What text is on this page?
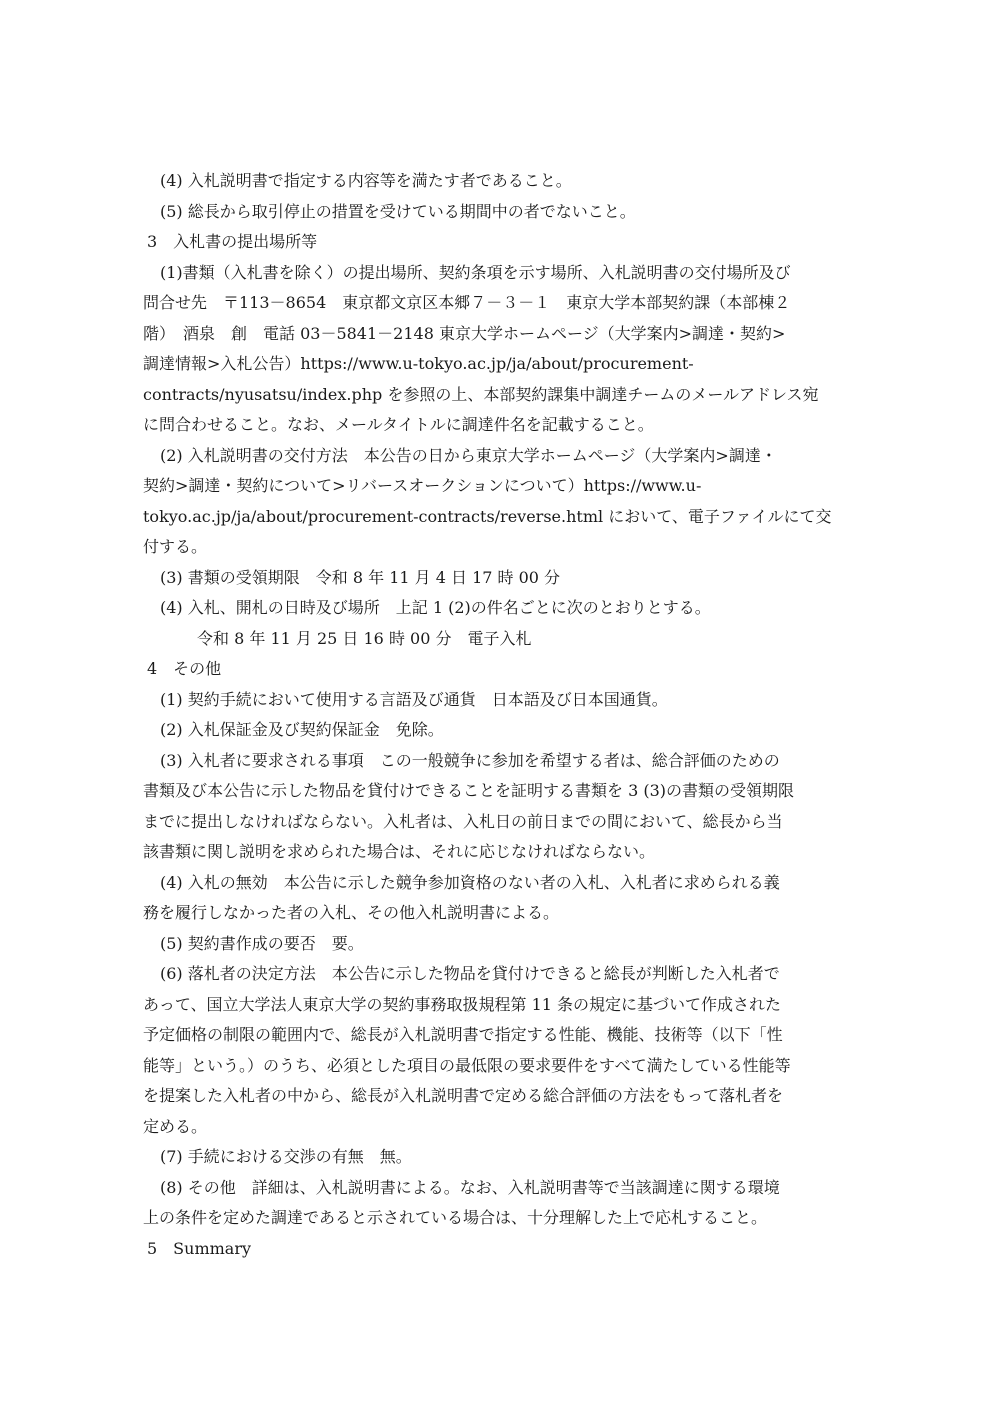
(4) 入札説明書で指定する内容等を満たす者であること。
(5) 総長から取引停止の措置を受けている期間中の者でないこと。
3　入札書の提出場所等
(1)書類（入札書を除く）の提出場所、契約条項を示す場所、入札説明書の交付場所及び
問合せ先　〒113－8654　東京都文京区本郷７－３－１　東京大学本部契約課（本部棟２
階）　酒泉　創　電話 03－5841－2148 東京大学ホームページ（大学案内>調達・契約>
調達情報>入札公告）https://www.u-tokyo.ac.jp/ja/about/procurement-
contracts/nyusatsu/index.php を参照の上、本部契約課集中調達チームのメールアドレス宛
に問合わせること。なお、メールタイトルに調達件名を記載すること。
(2) 入札説明書の交付方法　本公告の日から東京大学ホームページ（大学案内>調達・
契約>調達・契約について>リバースオークションについて）https://www.u-
tokyo.ac.jp/ja/about/procurement-contracts/reverse.html において、電子ファイルにて交
付する。
(3) 書類の受領期限　令和 8 年 11 月 4 日 17 時 00 分
(4) 入札、開札の日時及び場所　上記 1 (2)の件名ごとに次のとおりとする。
令和 8 年 11 月 25 日 16 時 00 分　電子入札
4　その他
(1) 契約手続において使用する言語及び通貨　日本語及び日本国通貨。
(2) 入札保証金及び契約保証金　免除。
(3) 入札者に要求される事項　この一般競争に参加を希望する者は、総合評価のための
書類及び本公告に示した物品を貸付けできることを証明する書類を 3 (3)の書類の受領期限
までに提出しなければならない。入札者は、入札日の前日までの間において、総長から当
該書類に関し説明を求められた場合は、それに応じなければならない。
(4) 入札の無効　本公告に示した競争参加資格のない者の入札、入札者に求められる義
務を履行しなかった者の入札、その他入札説明書による。
(5) 契約書作成の要否　要。
(6) 落札者の決定方法　本公告に示した物品を貸付けできると総長が判断した入札者で
あって、国立大学法人東京大学の契約事務取扱規程第 11 条の規定に基づいて作成された
予定価格の制限の範囲内で、総長が入札説明書で指定する性能、機能、技術等（以下「性
能等」という。）のうち、必須とした項目の最低限の要求要件をすべて満たしている性能等
を提案した入札者の中から、総長が入札説明書で定める総合評価の方法をもって落札者を
定める。
(7) 手続における交渉の有無　無。
(8) その他　詳細は、入札説明書による。なお、入札説明書等で当該調達に関する環境
上の条件を定めた調達であると示されている場合は、十分理解した上で応札すること。
5　Summary
